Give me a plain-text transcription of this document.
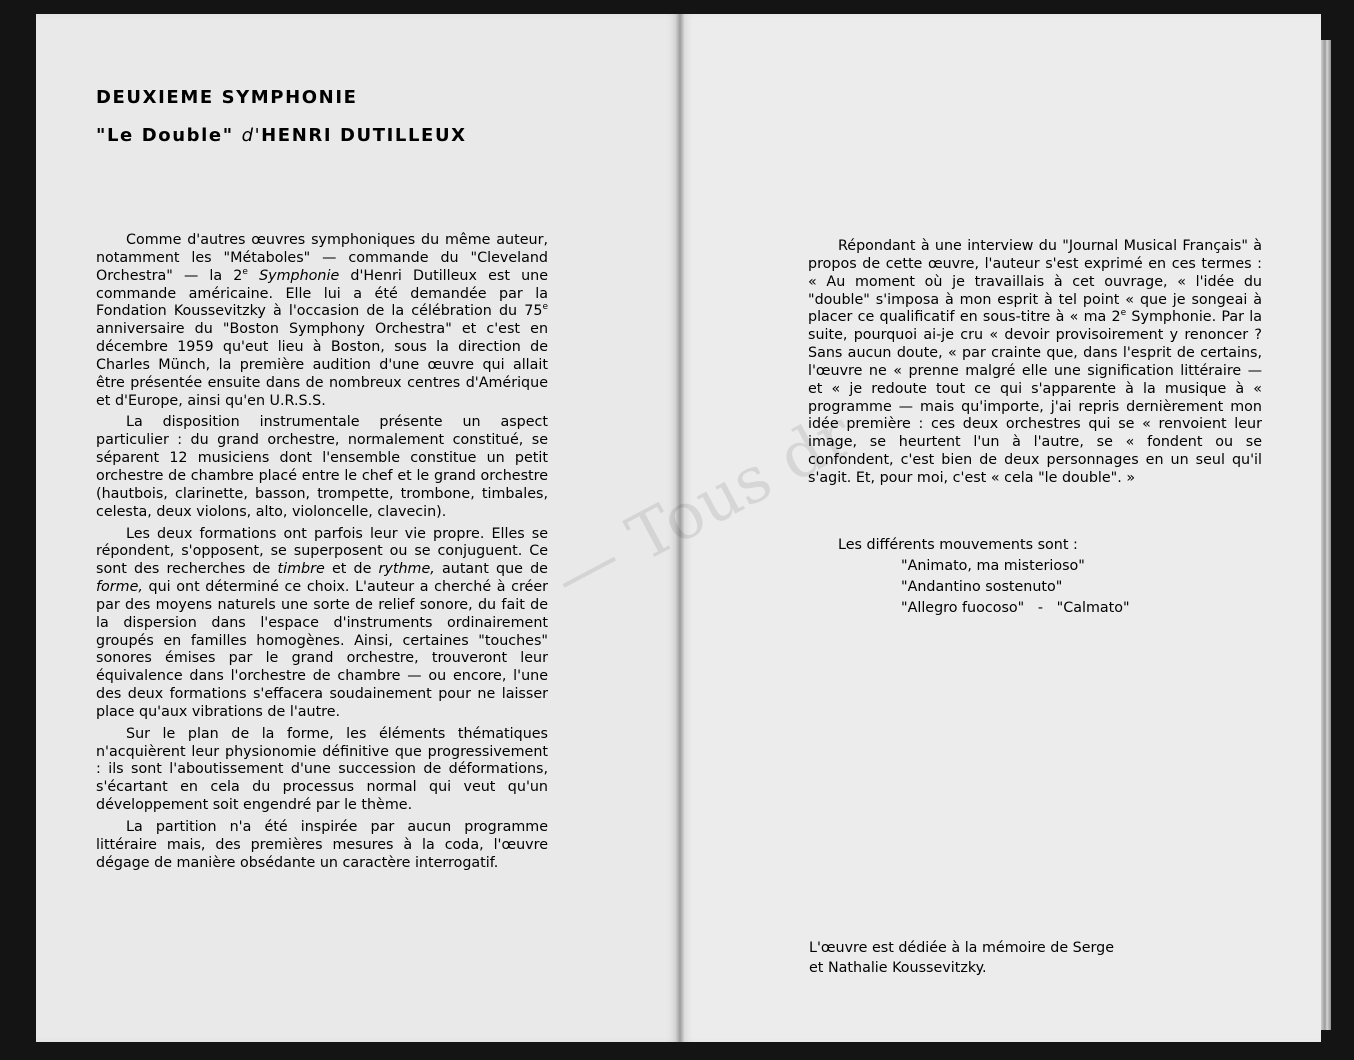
DEUXIEME SYMPHONIE
"Le Double" d'HENRI DUTILLEUX

Comme d'autres œuvres symphoniques du même auteur, notamment les "Métaboles" — commande du "Cleveland Orchestra" — la 2e Symphonie d'Henri Dutilleux est une commande américaine. Elle lui a été demandée par la Fondation Koussevitzky à l'occasion de la célébration du 75e anniversaire du "Boston Symphony Orchestra" et c'est en décembre 1959 qu'eut lieu à Boston, sous la direction de Charles Münch, la première audition d'une œuvre qui allait être présentée ensuite dans de nombreux centres d'Amérique et d'Europe, ainsi qu'en U.R.S.S.

La disposition instrumentale présente un aspect particulier : du grand orchestre, normalement constitué, se séparent 12 musiciens dont l'ensemble constitue un petit orchestre de chambre placé entre le chef et le grand orchestre (hautbois, clarinette, basson, trompette, trombone, timbales, celesta, deux violons, alto, violoncelle, clavecin).

Les deux formations ont parfois leur vie propre. Elles se répondent, s'opposent, se superposent ou se conjuguent. Ce sont des recherches de timbre et de rythme, autant que de forme, qui ont déterminé ce choix. L'auteur a cherché à créer par des moyens naturels une sorte de relief sonore, du fait de la dispersion dans l'espace d'instruments ordinairement groupés en familles homogènes. Ainsi, certaines "touches" sonores émises par le grand orchestre, trouveront leur équivalence dans l'orchestre de chambre — ou encore, l'une des deux formations s'effacera soudainement pour ne laisser place qu'aux vibrations de l'autre.

Sur le plan de la forme, les éléments thématiques n'acquièrent leur physionomie définitive que progressivement : ils sont l'aboutissement d'une succession de déformations, s'écartant en cela du processus normal qui veut qu'un développement soit engendré par le thème.

La partition n'a été inspirée par aucun programme littéraire mais, des premières mesures à la coda, l'œuvre dégage de manière obsédante un caractère interrogatif.

Répondant à une interview du "Journal Musical Français" à propos de cette œuvre, l'auteur s'est exprimé en ces termes : « Au moment où je travaillais à cet ouvrage, « l'idée du "double" s'imposa à mon esprit à tel point « que je songeai à placer ce qualificatif en sous-titre à « ma 2e Symphonie. Par la suite, pourquoi ai-je cru « devoir provisoirement y renoncer ? Sans aucun doute, « par crainte que, dans l'esprit de certains, l'œuvre ne « prenne malgré elle une signification littéraire — et « je redoute tout ce qui s'apparente à la musique à « programme — mais qu'importe, j'ai repris dernièrement mon idée première : ces deux orchestres qui se « renvoient leur image, se heurtent l'un à l'autre, se « fondent ou se confondent, c'est bien de deux personnages en un seul qu'il s'agit. Et, pour moi, c'est « cela "le double". »

Les différents mouvements sont :

"Animato, ma misterioso"
"Andantino sostenuto"
"Allegro fuocoso"   -   "Calmato"

L'œuvre est dédiée à la mémoire de Serge
et Nathalie Koussevitzky.
